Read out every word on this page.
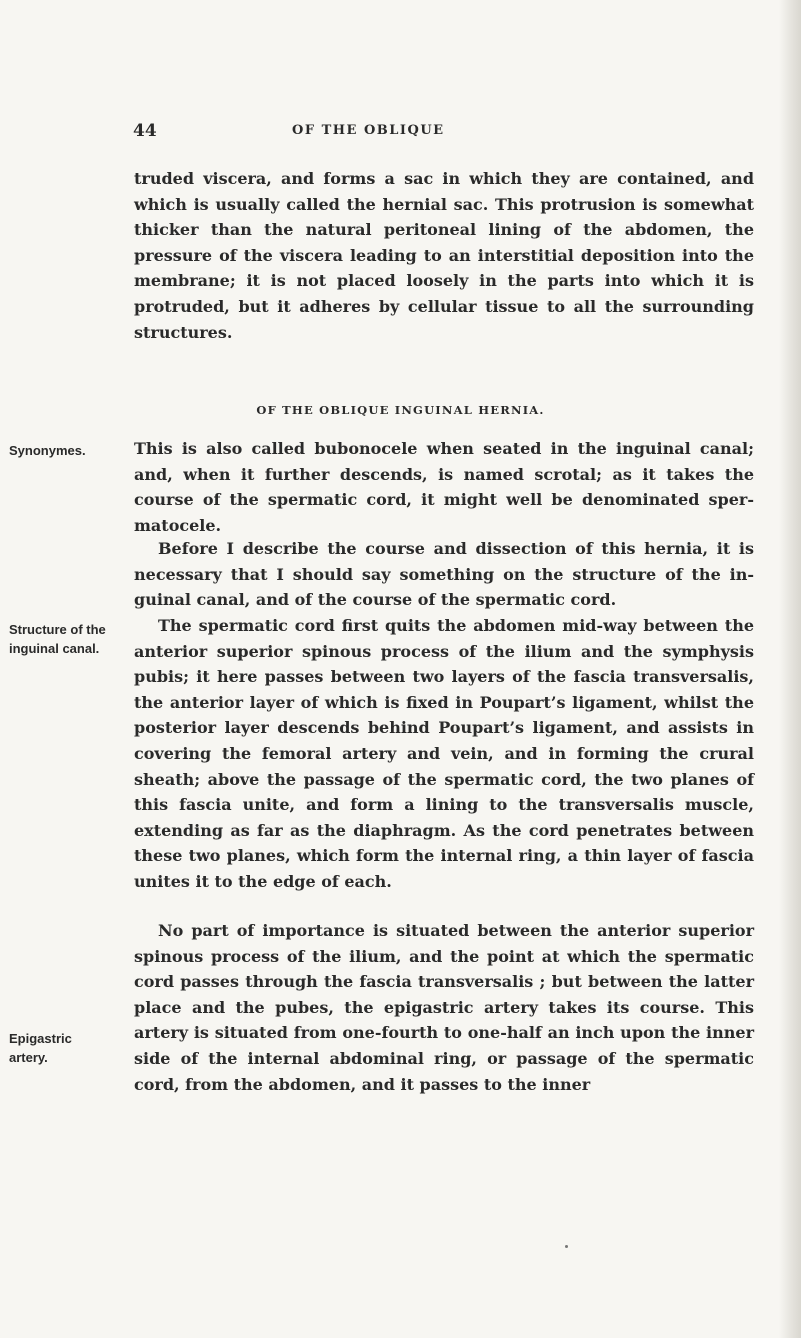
44	OF THE OBLIQUE

truded viscera, and forms a sac in which they are contained, and which is usually called the hernial sac. This protrusion is somewhat thicker than the natural peritoneal lining of the abdomen, the pressure of the viscera leading to an interstitial deposition into the membrane; it is not placed loosely in the parts into which it is protruded, but it adheres by cellular tissue to all the surrounding structures.

OF THE OBLIQUE INGUINAL HERNIA.

This is also called bubonocele when seated in the inguinal canal; and, when it further descends, is named scrotal; as it takes the course of the spermatic cord, it might well be denominated spermatocele.

Before I describe the course and dissection of this hernia, it is necessary that I should say something on the structure of the inguinal canal, and of the course of the spermatic cord.

The spermatic cord first quits the abdomen mid-way between the anterior superior spinous process of the ilium and the symphysis pubis; it here passes between two layers of the fascia transversalis, the anterior layer of which is fixed in Poupart’s ligament, whilst the posterior layer descends behind Poupart’s ligament, and assists in covering the femoral artery and vein, and in forming the crural sheath; above the passage of the spermatic cord, the two planes of this fascia unite, and form a lining to the transversalis muscle, extending as far as the diaphragm. As the cord penetrates between these two planes, which form the internal ring, a thin layer of fascia unites it to the edge of each.

No part of importance is situated between the anterior superior spinous process of the ilium, and the point at which the spermatic cord passes through the fascia transversalis ; but between the latter place and the pubes, the epigastric artery takes its course. This artery is situated from one-fourth to one-half an inch upon the inner side of the internal abdominal ring, or passage of the spermatic cord, from the abdomen, and it passes to the inner

Synonymes.
Structure of the
inguinal canal.
Epigastric
artery.
